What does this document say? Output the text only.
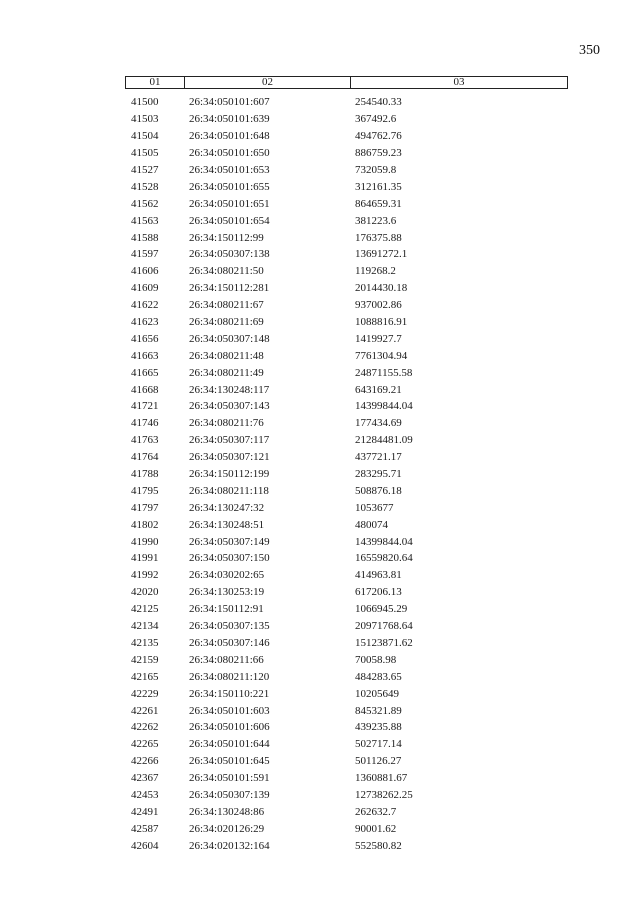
350
01	02	03
41500	26:34:050101:607	254540.33
41503	26:34:050101:639	367492.6
41504	26:34:050101:648	494762.76
41505	26:34:050101:650	886759.23
41527	26:34:050101:653	732059.8
41528	26:34:050101:655	312161.35
41562	26:34:050101:651	864659.31
41563	26:34:050101:654	381223.6
41588	26:34:150112:99	176375.88
41597	26:34:050307:138	13691272.1
41606	26:34:080211:50	119268.2
41609	26:34:150112:281	2014430.18
41622	26:34:080211:67	937002.86
41623	26:34:080211:69	1088816.91
41656	26:34:050307:148	1419927.7
41663	26:34:080211:48	7761304.94
41665	26:34:080211:49	24871155.58
41668	26:34:130248:117	643169.21
41721	26:34:050307:143	14399844.04
41746	26:34:080211:76	177434.69
41763	26:34:050307:117	21284481.09
41764	26:34:050307:121	437721.17
41788	26:34:150112:199	283295.71
41795	26:34:080211:118	508876.18
41797	26:34:130247:32	1053677
41802	26:34:130248:51	480074
41990	26:34:050307:149	14399844.04
41991	26:34:050307:150	16559820.64
41992	26:34:030202:65	414963.81
42020	26:34:130253:19	617206.13
42125	26:34:150112:91	1066945.29
42134	26:34:050307:135	20971768.64
42135	26:34:050307:146	15123871.62
42159	26:34:080211:66	70058.98
42165	26:34:080211:120	484283.65
42229	26:34:150110:221	10205649
42261	26:34:050101:603	845321.89
42262	26:34:050101:606	439235.88
42265	26:34:050101:644	502717.14
42266	26:34:050101:645	501126.27
42367	26:34:050101:591	1360881.67
42453	26:34:050307:139	12738262.25
42491	26:34:130248:86	262632.7
42587	26:34:020126:29	90001.62
42604	26:34:020132:164	552580.82
